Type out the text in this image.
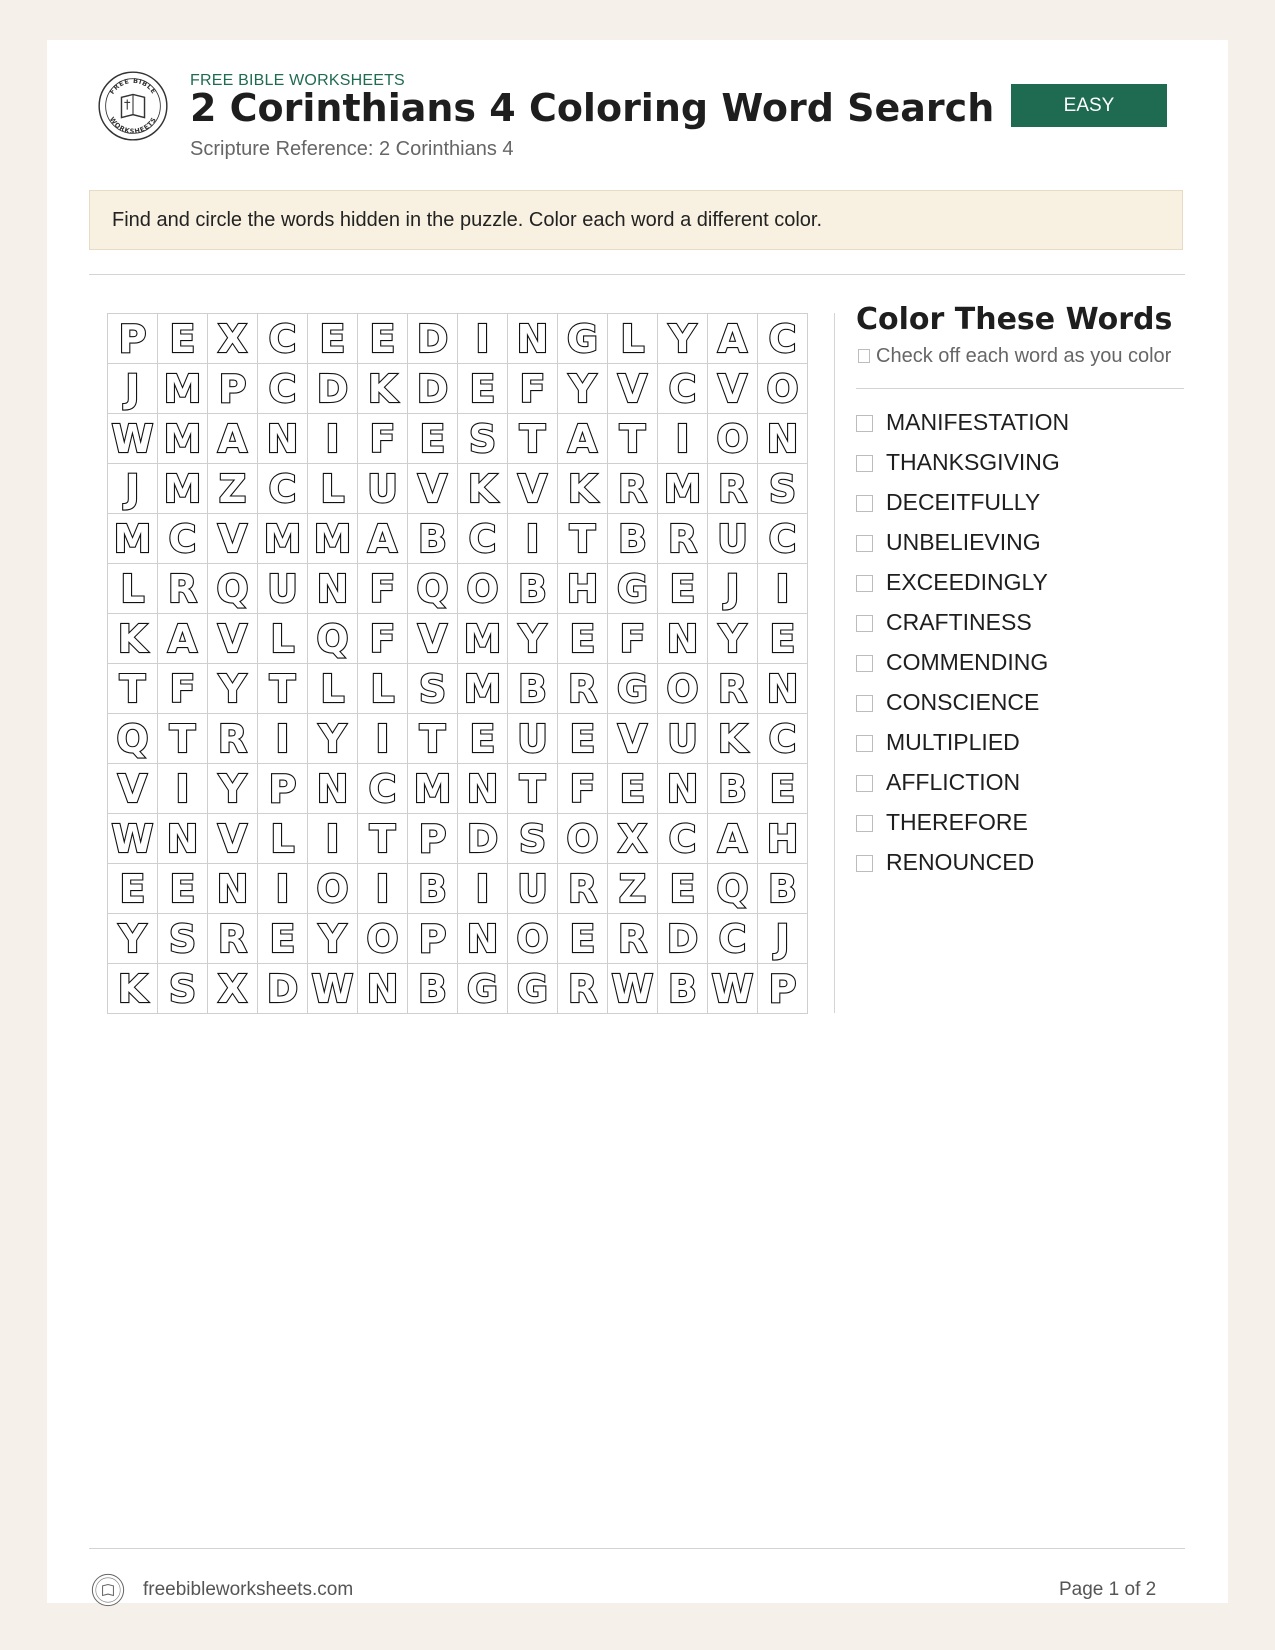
FREE BIBLE
WORKSHEETS
FREE BIBLE WORKSHEETS
2 Corinthians 4 Coloring Word Search
Scripture Reference: 2 Corinthians 4
EASY
Find and circle the words hidden in the puzzle. Color each word a different color.
P E X C E E D I N G L Y A C
J M P C D K D E F Y V C V O
W M A N I F E S T A T I O N
J M Z C L U V K V K R M R S
M C V M M A B C I T B R U C
L R Q U N F Q O B H G E J I
K A V L Q F V M Y E F N Y E
T F Y T L L S M B R G O R N
Q T R I Y I T E U E V U K C
V I Y P N C M N T F E N B E
W N V L I T P D S O X C A H
E E N I O I B I U R Z E Q B
Y S R E Y O P N O E R D C J
K S X D W N B G G R W B W P
Color These Words
Check off each word as you color
MANIFESTATION
THANKSGIVING
DECEITFULLY
UNBELIEVING
EXCEEDINGLY
CRAFTINESS
COMMENDING
CONSCIENCE
MULTIPLIED
AFFLICTION
THEREFORE
RENOUNCED
freebibleworksheets.com	Page 1 of 2
